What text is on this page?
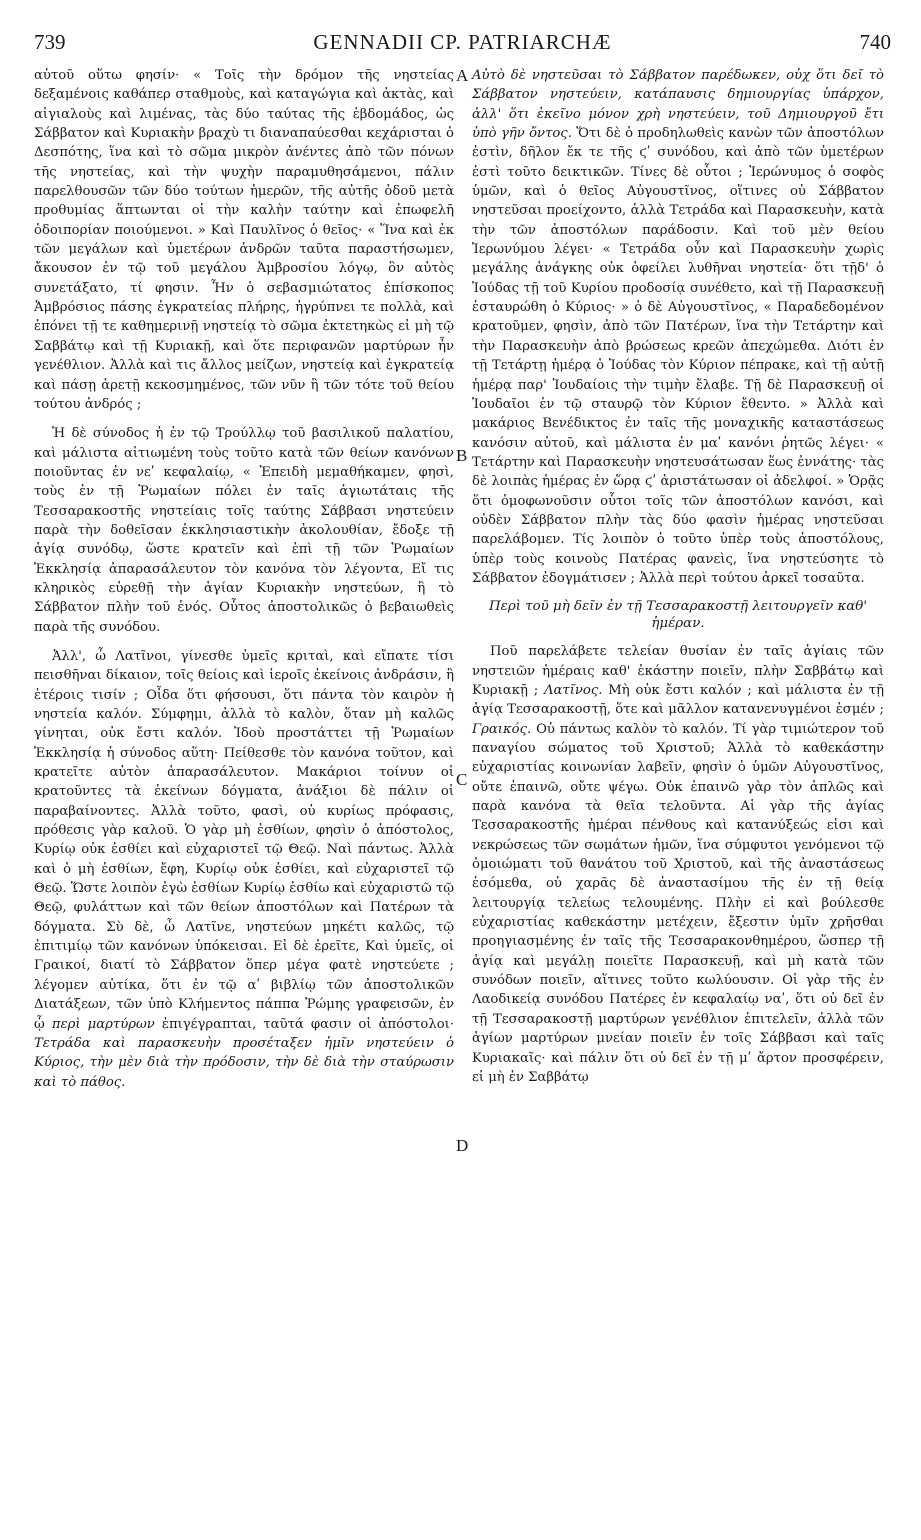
739	GENNADII CP. PATRIARCHÆ	740
A
B
C
D

αὐτοῦ οὕτω φησίν· « Τοῖς τὴν δρόμον τῆς νηστείας δεξαμένοις καθάπερ σταθμοὺς, καὶ καταγώγια καὶ ἀκτὰς, καὶ αἰγιαλοὺς καὶ λιμένας, τὰς δύο ταύτας τῆς ἑβδομάδος, ὡς Σάββατον καὶ Κυριακὴν βραχὺ τι διαναπαύεσθαι κεχάρισται ὁ Δεσπότης, ἵνα καὶ τὸ σῶμα μικρὸν ἀνέντες ἀπὸ τῶν πόνων τῆς νηστείας, καὶ τὴν ψυχὴν παραμυθησάμενοι, πάλιν παρελθουσῶν τῶν δύο τούτων ἡμερῶν, τῆς αὐτῆς ὁδοῦ μετὰ προθυμίας ἅπτωνται οἱ τὴν καλὴν ταύτην καὶ ἐπωφελῆ ὁδοιπορίαν ποιούμενοι. » Καὶ Παυλῖνος ὁ θεῖος· « Ἵνα καὶ ἐκ τῶν μεγάλων καὶ ὑμετέρων ἀνδρῶν ταῦτα παραστήσωμεν, ἄκουσον ἐν τῷ τοῦ μεγάλου Ἀμβροσίου λόγῳ, ὃν αὐτὸς συνετάξατο, τί φησιν. Ἦν ὁ σεβασμιώτατος ἐπίσκοπος Ἀμβρόσιος πάσης ἐγκρατείας πλήρης, ἠγρύπνει τε πολλὰ, καὶ ἐπόνει τῇ τε καθημερινῇ νηστείᾳ τὸ σῶμα ἐκτετηκὼς εἰ μὴ τῷ Σαββάτῳ καὶ τῇ Κυριακῇ, καὶ ὅτε περιφανῶν μαρτύρων ἦν γενέθλιον. Ἀλλὰ καὶ τις ἄλλος μείζων, νηστείᾳ καὶ ἐγκρατείᾳ καὶ πάσῃ ἀρετῇ κεκοσμημένος, τῶν νῦν ἢ τῶν τότε τοῦ θείου τούτου ἀνδρός ;

Ἡ δὲ σύνοδος ἡ ἐν τῷ Τρούλλῳ τοῦ βασιλικοῦ παλατίου, καὶ μάλιστα αἰτιωμένη τοὺς τοῦτο κατὰ τῶν θείων κανόνων ποιοῦντας ἐν νεʹ κεφαλαίῳ, « Ἐπειδὴ μεμαθήκαμεν, φησὶ, τοὺς ἐν τῇ Ῥωμαίων πόλει ἐν ταῖς ἁγιωτάταις τῆς Τεσσαρακοστῆς νηστείαις τοῖς ταύτης Σάββασι νηστεύειν παρὰ τὴν δοθεῖσαν ἐκκλησιαστικὴν ἀκολουθίαν, ἔδοξε τῇ ἁγίᾳ συνόδῳ, ὥστε κρατεῖν καὶ ἐπὶ τῇ τῶν Ῥωμαίων Ἐκκλησίᾳ ἀπαρασάλευτον τὸν κανόνα τὸν λέγοντα, Εἴ τις κληρικὸς εὑρεθῇ τὴν ἁγίαν Κυριακὴν νηστεύων, ἢ τὸ Σάββατον πλὴν τοῦ ἑνός. Οὗτος ἀποστολικῶς ὁ βεβαιωθεὶς παρὰ τῆς συνόδου.

Ἀλλ', ὦ Λατῖνοι, γίνεσθε ὑμεῖς κριταὶ, καὶ εἴπατε τίσι πεισθῆναι δίκαιον, τοῖς θείοις καὶ ἱεροῖς ἐκείνοις ἀνδράσιν, ἢ ἑτέροις τισίν ; Οἶδα ὅτι φήσουσι, ὅτι πάντα τὸν καιρὸν ἡ νηστεία καλόν. Σύμφημι, ἀλλὰ τὸ καλὸν, ὅταν μὴ καλῶς γίνηται, οὐκ ἔστι καλόν. Ἰδοὺ προστάττει τῇ Ῥωμαίων Ἐκκλησίᾳ ἡ σύνοδος αὕτη· Πείθεσθε τὸν κανόνα τοῦτον, καὶ κρατεῖτε αὐτὸν ἀπαρασάλευτον. Μακάριοι τοίνυν οἱ κρατοῦντες τὰ ἐκείνων δόγματα, ἀνάξιοι δὲ πάλιν οἱ παραβαίνοντες. Ἀλλὰ τοῦτο, φασὶ, οὐ κυρίως πρόφασις, πρόθεσις γὰρ καλοῦ. Ὁ γὰρ μὴ ἐσθίων, φησὶν ὁ ἀπόστολος, Κυρίῳ οὐκ ἐσθίει καὶ εὐχαριστεῖ τῷ Θεῷ. Ναὶ πάντως. Ἀλλὰ καὶ ὁ μὴ ἐσθίων, ἔφη, Κυρίῳ οὐκ ἐσθίει, καὶ εὐχαριστεῖ τῷ Θεῷ. Ὥστε λοιπὸν ἐγὼ ἐσθίων Κυρίῳ ἐσθίω καὶ εὐχαριστῶ τῷ Θεῷ, φυλάττων καὶ τῶν θείων ἀποστόλων καὶ Πατέρων τὰ δόγματα. Σὺ δὲ, ὦ Λατῖνε, νηστεύων μηκέτι καλῶς, τῷ ἐπιτιμίῳ τῶν κανόνων ὑπόκεισαι. Εἰ δὲ ἐρεῖτε, Καὶ ὑμεῖς, οἱ Γραικοί, διατί τὸ Σάββατον ὅπερ μέγα φατὲ νηστεύετε ; λέγομεν αὐτίκα, ὅτι ἐν τῷ αʹ βιβλίῳ τῶν ἀποστολικῶν Διατάξεων, τῶν ὑπὸ Κλήμεντος πάππα Ῥώμης γραφεισῶν, ἐν ᾧ περὶ μαρτύρων ἐπιγέγραπται, ταῦτά φασιν οἱ ἀπόστολοι· Τετράδα καὶ παρασκευὴν προσέταξεν ἡμῖν νηστεύειν ὁ Κύριος, τὴν μὲν διὰ τὴν πρόδοσιν, τὴν δὲ διὰ τὴν σταύρωσιν καὶ τὸ πάθος.

Αὐτὸ δὲ νηστεῦσαι τὸ Σάββατον παρέδωκεν, οὐχ ὅτι δεῖ τὸ Σάββατον νηστεύειν, κατάπαυσις δημιουργίας ὑπάρχον, ἀλλ' ὅτι ἐκεῖνο μόνον χρὴ νηστεύειν, τοῦ Δημιουργοῦ ἔτι ὑπὸ γῆν ὄντος. Ὅτι δὲ ὁ προδηλωθεὶς κανὼν τῶν ἀποστόλων ἐστὶν, δῆλον ἔκ τε τῆς ϛʹ συνόδου, καὶ ἀπὸ τῶν ὑμετέρων ἐστὶ τοῦτο δεικτικῶν. Τίνες δὲ οὗτοι ; Ἱερώνυμος ὁ σοφὸς ὑμῶν, καὶ ὁ θεῖος Αὐγουστῖνος, οἵτινες οὐ Σάββατον νηστεῦσαι προείχοντο, ἀλλὰ Τετράδα καὶ Παρασκευὴν, κατὰ τὴν τῶν ἀποστόλων παράδοσιν. Καὶ τοῦ μὲν θείου Ἱερωνύμου λέγει· « Τετράδα οὖν καὶ Παρασκευὴν χωρὶς μεγάλης ἀνάγκης οὐκ ὀφείλει λυθῆναι νηστεία· ὅτι τῇδ' ὁ Ἰούδας τῇ τοῦ Κυρίου προδοσίᾳ συνέθετο, καὶ τῇ Παρασκευῇ ἐσταυρώθη ὁ Κύριος· » ὁ δὲ Αὐγουστῖνος, « Παραδεδομένον κρατοῦμεν, φησὶν, ἀπὸ τῶν Πατέρων, ἵνα τὴν Τετάρτην καὶ τὴν Παρασκευὴν ἀπὸ βρώσεως κρεῶν ἀπεχώμεθα. Διότι ἐν τῇ Τετάρτῃ ἡμέρᾳ ὁ Ἰούδας τὸν Κύριον πέπρακε, καὶ τῇ αὐτῇ ἡμέρᾳ παρ' Ἰουδαίοις τὴν τιμὴν ἔλαβε. Τῇ δὲ Παρασκευῇ οἱ Ἰουδαῖοι ἐν τῷ σταυρῷ τὸν Κύριον ἔθεντο. » Ἀλλὰ καὶ μακάριος Βενέδικτος ἐν ταῖς τῆς μοναχικῆς καταστάσεως κανόσιν αὐτοῦ, καὶ μάλιστα ἐν μαʹ κανόνι ῥητῶς λέγει· « Τετάρτην καὶ Παρασκευὴν νηστευσάτωσαν ἕως ἐννάτης· τὰς δὲ λοιπὰς ἡμέρας ἐν ὥρᾳ ϛʹ ἀριστάτωσαν οἱ ἀδελφοί. » Ὁρᾷς ὅτι ὁμοφωνοῦσιν οὗτοι τοῖς τῶν ἀποστόλων κανόσι, καὶ οὐδὲν Σάββατον πλὴν τὰς δύο φασὶν ἡμέρας νηστεῦσαι παρελάβομεν. Τίς λοιπὸν ὁ τοῦτο ὑπὲρ τοὺς ἀποστόλους, ὑπὲρ τοὺς κοινοὺς Πατέρας φανεὶς, ἵνα νηστεύσητε τὸ Σάββατον ἐδογμάτισεν ; Ἀλλὰ περὶ τούτου ἀρκεῖ τοσαῦτα.

Περὶ τοῦ μὴ δεῖν ἐν τῇ Τεσσαρακοστῇ λειτουργεῖν καθ' ἡμέραν.

Ποῦ παρελάβετε τελείαν θυσίαν ἐν ταῖς ἁγίαις τῶν νηστειῶν ἡμέραις καθ' ἑκάστην ποιεῖν, πλὴν Σαββάτῳ καὶ Κυριακῇ ; Λατῖνος. Μὴ οὐκ ἔστι καλόν ; καὶ μάλιστα ἐν τῇ ἁγίᾳ Τεσσαρακοστῇ, ὅτε καὶ μᾶλλον κατανενυγμένοι ἐσμέν ; Γραικός. Οὐ πάντως καλὸν τὸ καλόν. Τί γὰρ τιμιώτερον τοῦ παναγίου σώματος τοῦ Χριστοῦ; Ἀλλὰ τὸ καθεκάστην εὐχαριστίας κοινωνίαν λαβεῖν, φησὶν ὁ ὑμῶν Αὐγουστῖνος, οὔτε ἐπαινῶ, οὔτε ψέγω. Οὐκ ἐπαινῶ γὰρ τὸν ἁπλῶς καὶ παρὰ κανόνα τὰ θεῖα τελοῦντα. Αἱ γὰρ τῆς ἁγίας Τεσσαρακοστῆς ἡμέραι πένθους καὶ κατανύξεώς εἰσι καὶ νεκρώσεως τῶν σωμάτων ἡμῶν, ἵνα σύμφυτοι γενόμενοι τῷ ὁμοιώματι τοῦ θανάτου τοῦ Χριστοῦ, καὶ τῆς ἀναστάσεως ἐσόμεθα, οὐ χαρᾶς δὲ ἀναστασίμου τῆς ἐν τῇ θείᾳ λειτουργίᾳ τελείως τελουμένης. Πλὴν εἰ καὶ βούλεσθε εὐχαριστίας καθεκάστην μετέχειν, ἔξεστιν ὑμῖν χρῆσθαι προηγιασμένης ἐν ταῖς τῆς Τεσσαρακονθημέρου, ὥσπερ τῇ ἁγίᾳ καὶ μεγάλῃ ποιεῖτε Παρασκευῇ, καὶ μὴ κατὰ τῶν συνόδων ποιεῖν, αἵτινες τοῦτο κωλύουσιν. Οἱ γὰρ τῆς ἐν Λαοδικείᾳ συνόδου Πατέρες ἐν κεφαλαίῳ ναʹ, ὅτι οὐ δεῖ ἐν τῇ Τεσσαρακοστῇ μαρτύρων γενέθλιον ἐπιτελεῖν, ἀλλὰ τῶν ἁγίων μαρτύρων μνείαν ποιεῖν ἐν τοῖς Σάββασι καὶ ταῖς Κυριακαῖς· καὶ πάλιν ὅτι οὐ δεῖ ἐν τῇ μʹ ἄρτον προσφέρειν, εἰ μὴ ἐν Σαββάτῳ
